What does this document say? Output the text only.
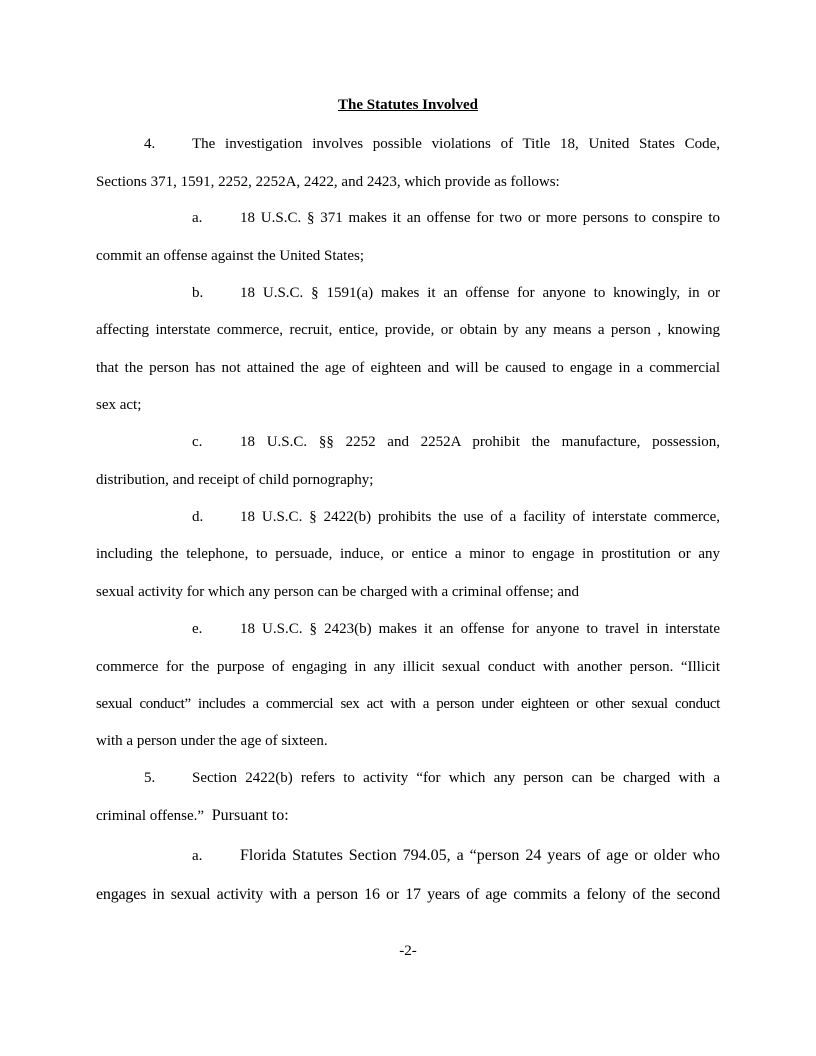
The Statutes Involved
4. The investigation involves possible violations of Title 18, United States Code,
Sections 371, 1591, 2252, 2252A, 2422, and 2423, which provide as follows:
a.	18 U.S.C. § 371 makes it an offense for two or more persons to conspire to
commit an offense against the United States;
b. 18 U.S.C. § 1591(a) makes it an offense for anyone to knowingly, in or
affecting interstate commerce, recruit, entice, provide, or obtain by any means a person , knowing
that the person has not attained the age of eighteen and will be caused to engage in a commercial
sex act;
c.	18 U.S.C. §§ 2252 and 2252A prohibit the manufacture, possession,
distribution, and receipt of child pornography;
d. 18 U.S.C. § 2422(b) prohibits the use of a facility of interstate commerce,
including the telephone, to persuade, induce, or entice a minor to engage in prostitution or any
sexual activity for which any person can be charged with a criminal offense; and
e.	18 U.S.C. § 2423(b) makes it an offense for anyone to travel in interstate
commerce for the purpose of engaging in any illicit sexual conduct with another person. “Illicit
sexual conduct” includes a commercial sex act with a person under eighteen or other sexual conduct
with a person under the age of sixteen.
5. Section 2422(b) refers to activity “for which any person can be charged with a
criminal offense.” Pursuant to:
a. Florida Statutes Section 794.05, a “person 24 years of age or older who
engages in sexual activity with a person 16 or 17 years of age commits a felony of the second
-2-
